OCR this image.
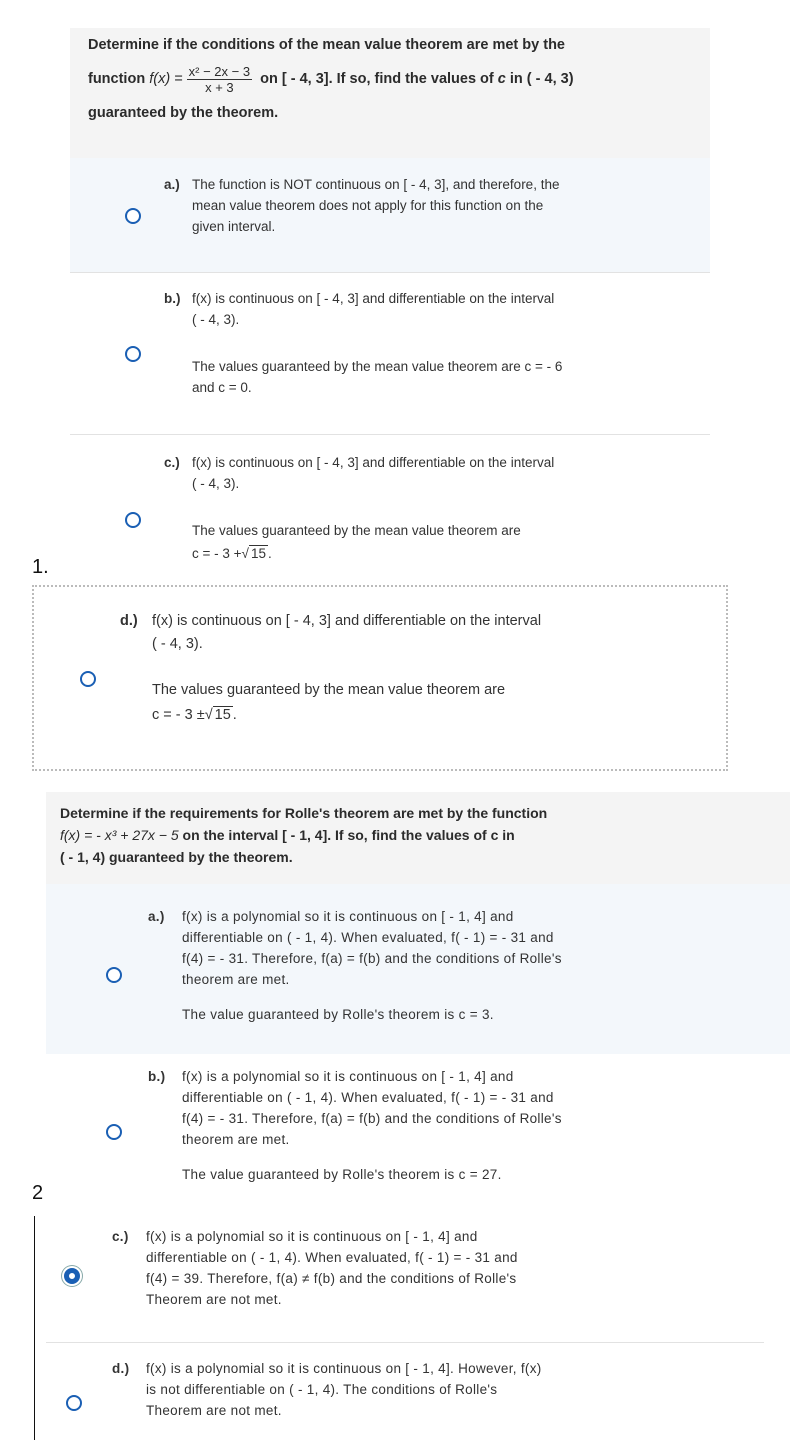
Determine if the conditions of the mean value theorem are met by the
function $f(x) = \frac{\text{x² − 2x − 3}}{x + 3}$ on [ - 4, 3]. If so, find the values of c in ( - 4, 3)
guaranteed by the theorem.
a.) The function is NOT continuous on [ - 4, 3], and therefore, the
mean value theorem does not apply for this function on the
given interval.
b.) f(x) is continuous on [ - 4, 3] and differentiable on the interval
( - 4, 3).
The values guaranteed by the mean value theorem are c = - 6
and c = 0.
c.) f(x) is continuous on [ - 4, 3] and differentiable on the interval
( - 4, 3).
The values guaranteed by the mean value theorem are
c = - 3 +√ 15 .
1.
d.) f(x) is continuous on [ - 4, 3] and differentiable on the interval
( - 4, 3).
The values guaranteed by the mean value theorem are
c = - 3 ±√ 15 .
Determine if the requirements for Rolle's theorem are met by the function
f(x) = - x³ + 27x − 5 on the interval [ - 1, 4]. If so, find the values of c in
( - 1, 4) guaranteed by the theorem.
a.) f(x) is a polynomial so it is continuous on [ - 1, 4] and
differentiable on ( - 1, 4). When evaluated, f( - 1) = - 31 and
f(4) = - 31. Therefore, f(a) = f(b) and the conditions of Rolle's
theorem are met.
The value guaranteed by Rolle's theorem is c = 3.
b.) f(x) is a polynomial so it is continuous on [ - 1, 4] and
differentiable on ( - 1, 4). When evaluated, f( - 1) = - 31 and
f(4) = - 31. Therefore, f(a) = f(b) and the conditions of Rolle's
theorem are met.
The value guaranteed by Rolle's theorem is c = 27.
2
c.) f(x) is a polynomial so it is continuous on [ - 1, 4] and
differentiable on ( - 1, 4). When evaluated, f( - 1) = - 31 and
f(4) = 39. Therefore, f(a) ≠ f(b) and the conditions of Rolle's
Theorem are not met.
d.) f(x) is a polynomial so it is continuous on [ - 1, 4]. However, f(x)
is not differentiable on ( - 1, 4). The conditions of Rolle's
Theorem are not met.
